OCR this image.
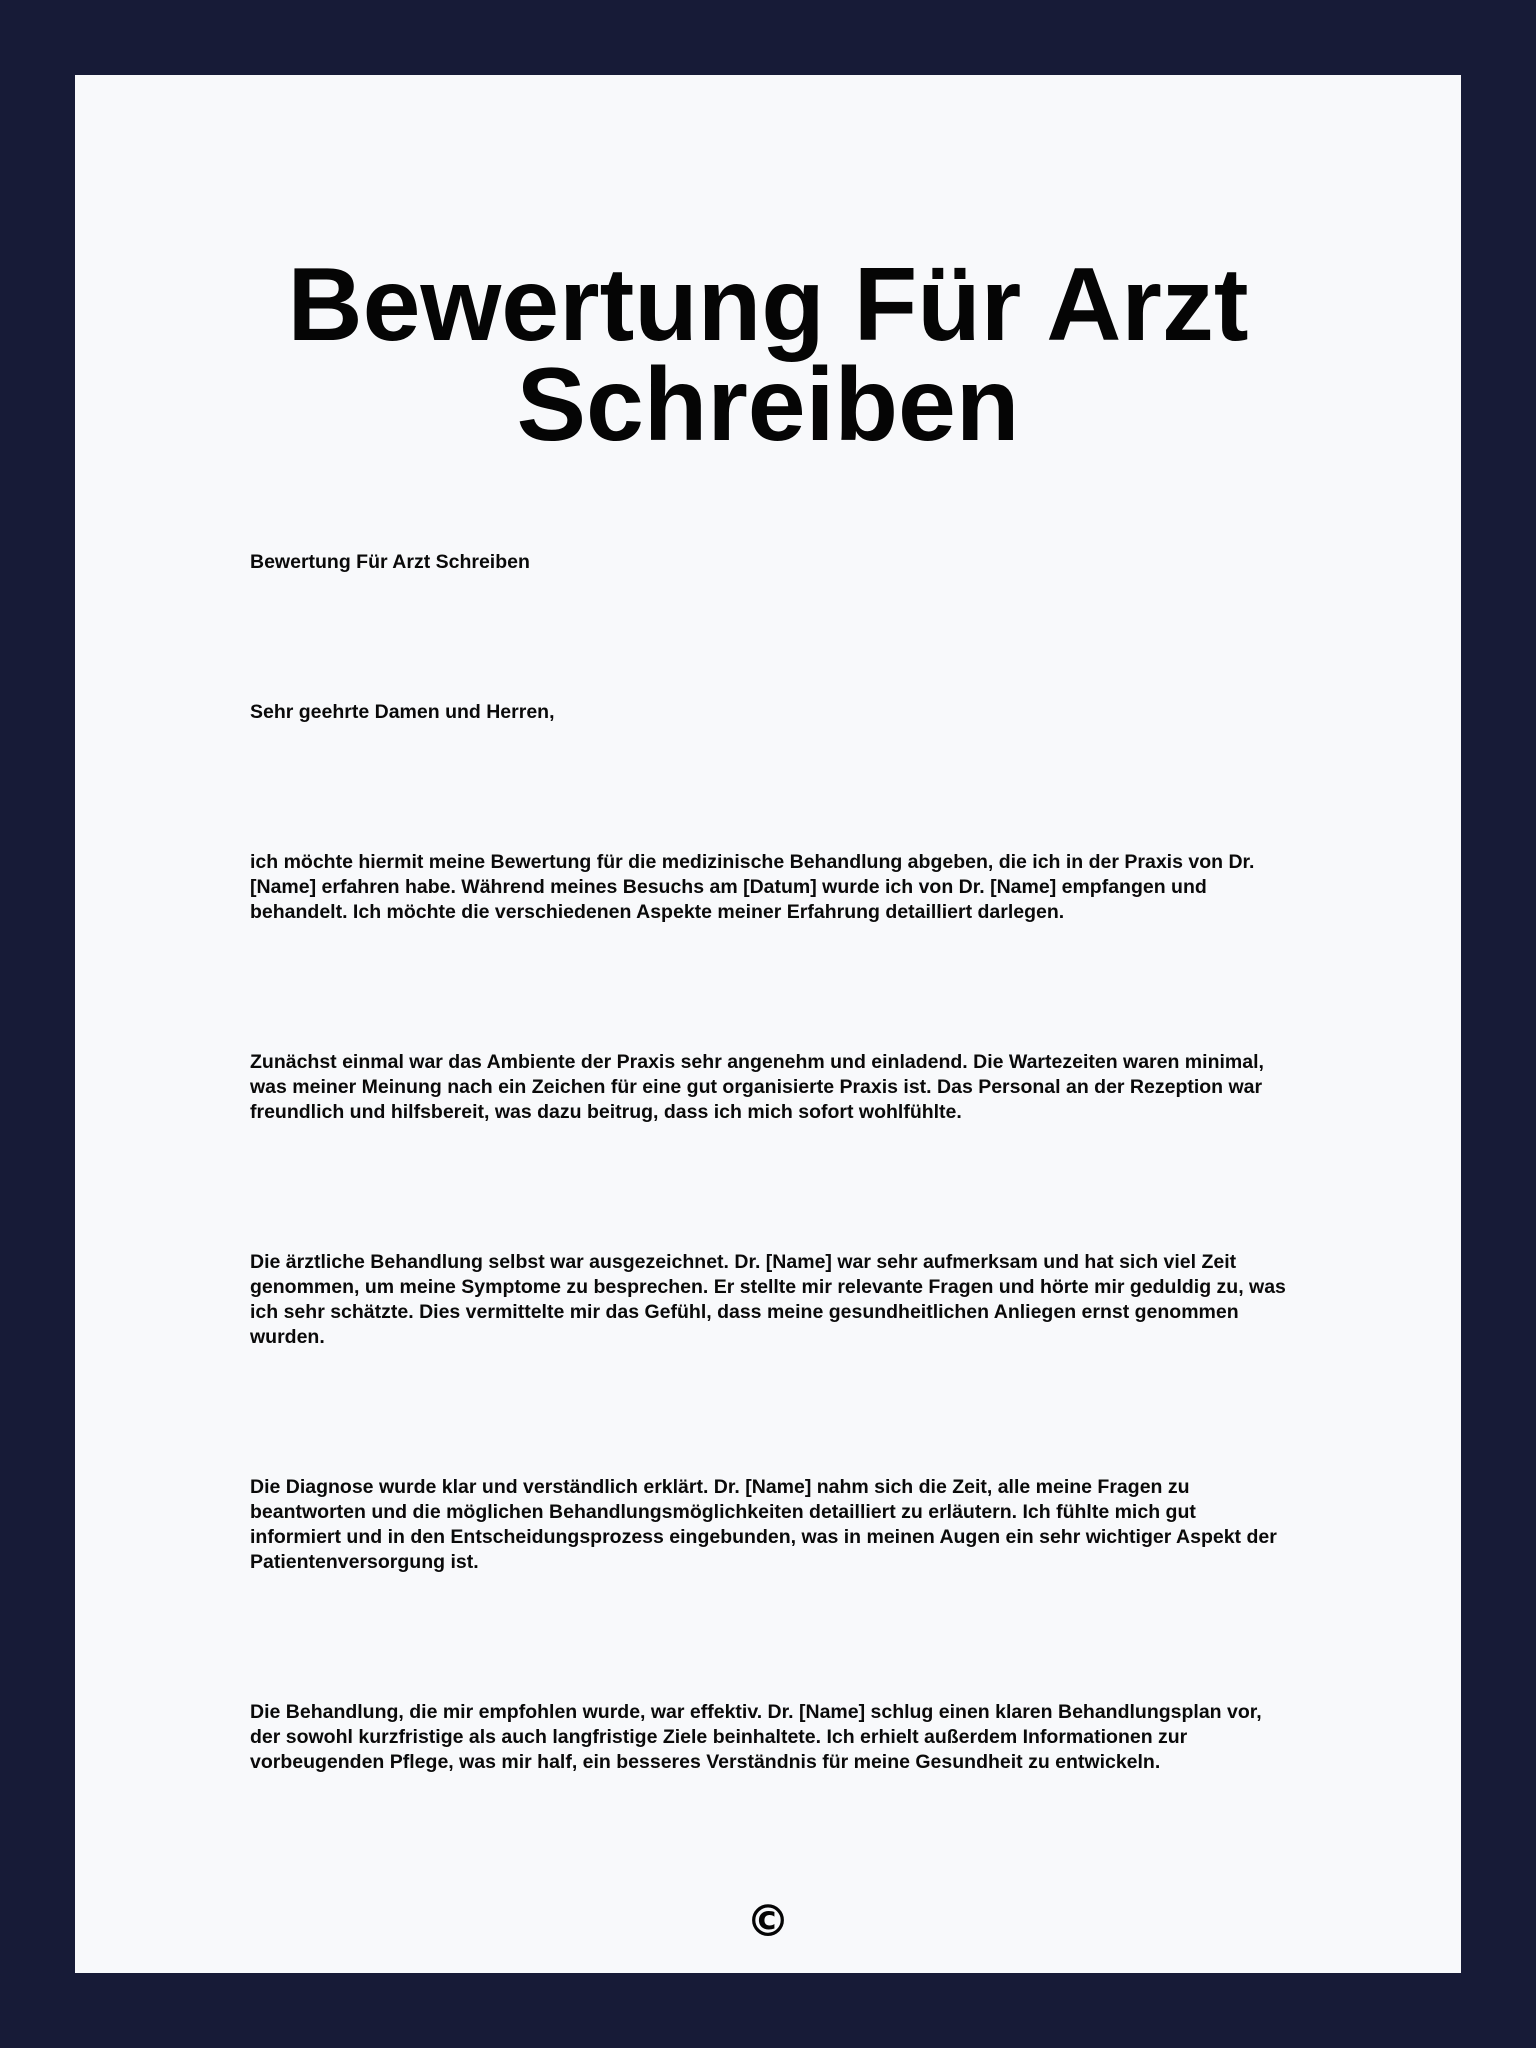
Bewertung Für Arzt Schreiben

Bewertung Für Arzt Schreiben

Sehr geehrte Damen und Herren,

ich möchte hiermit meine Bewertung für die medizinische Behandlung abgeben, die ich in der Praxis von Dr. [Name] erfahren habe. Während meines Besuchs am [Datum] wurde ich von Dr. [Name] empfangen und behandelt. Ich möchte die verschiedenen Aspekte meiner Erfahrung detailliert darlegen.

Zunächst einmal war das Ambiente der Praxis sehr angenehm und einladend. Die Wartezeiten waren minimal, was meiner Meinung nach ein Zeichen für eine gut organisierte Praxis ist. Das Personal an der Rezeption war freundlich und hilfsbereit, was dazu beitrug, dass ich mich sofort wohlfühlte.

Die ärztliche Behandlung selbst war ausgezeichnet. Dr. [Name] war sehr aufmerksam und hat sich viel Zeit genommen, um meine Symptome zu besprechen. Er stellte mir relevante Fragen und hörte mir geduldig zu, was ich sehr schätzte. Dies vermittelte mir das Gefühl, dass meine gesundheitlichen Anliegen ernst genommen wurden.

Die Diagnose wurde klar und verständlich erklärt. Dr. [Name] nahm sich die Zeit, alle meine Fragen zu beantworten und die möglichen Behandlungsmöglichkeiten detailliert zu erläutern. Ich fühlte mich gut informiert und in den Entscheidungsprozess eingebunden, was in meinen Augen ein sehr wichtiger Aspekt der Patientenversorgung ist.

Die Behandlung, die mir empfohlen wurde, war effektiv. Dr. [Name] schlug einen klaren Behandlungsplan vor, der sowohl kurzfristige als auch langfristige Ziele beinhaltete. Ich erhielt außerdem Informationen zur vorbeugenden Pflege, was mir half, ein besseres Verständnis für meine Gesundheit zu entwickeln.

©
